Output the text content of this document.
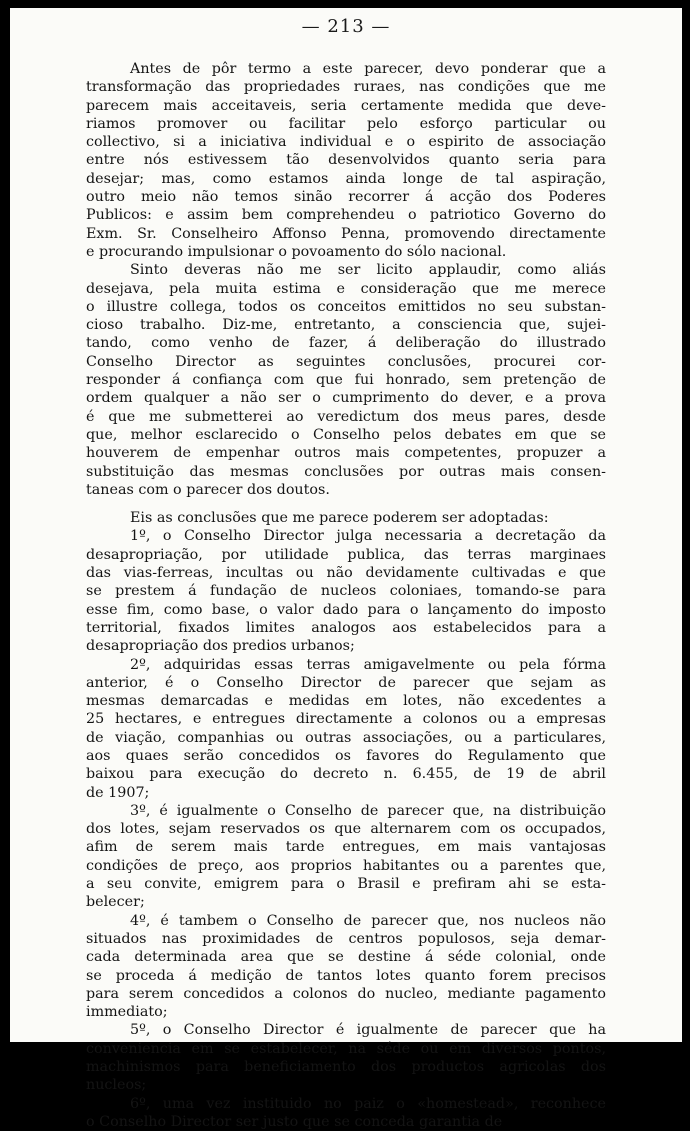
— 213 —

Antes de pôr termo a este parecer, devo ponderar que a
transformação das propriedades ruraes, nas condições que me
parecem mais acceitaveis, seria certamente medida que deve-
riamos promover ou facilitar pelo esforço particular ou
collectivo, si a iniciativa individual e o espirito de associação
entre nós estivessem tão desenvolvidos quanto seria para
desejar; mas, como estamos ainda longe de tal aspiração,
outro meio não temos sinão recorrer á acção dos Poderes
Publicos: e assim bem comprehendeu o patriotico Governo do
Exm. Sr. Conselheiro Affonso Penna, promovendo directamente
e procurando impulsionar o povoamento do sólo nacional.

Sinto deveras não me ser licito applaudir, como aliás
desejava, pela muita estima e consideração que me merece
o illustre collega, todos os conceitos emittidos no seu substan-
cioso trabalho. Diz-me, entretanto, a consciencia que, sujei-
tando, como venho de fazer, á deliberação do illustrado
Conselho Director as seguintes conclusões, procurei cor-
responder á confiança com que fui honrado, sem pretenção de
ordem qualquer a não ser o cumprimento do dever, e a prova
é que me submetterei ao veredictum dos meus pares, desde
que, melhor esclarecido o Conselho pelos debates em que se
houverem de empenhar outros mais competentes, propuzer a
substituição das mesmas conclusões por outras mais consen-
taneas com o parecer dos doutos.

Eis as conclusões que me parece poderem ser adoptadas:

1º, o Conselho Director julga necessaria a decretação da
desapropriação, por utilidade publica, das terras marginaes
das vias-ferreas, incultas ou não devidamente cultivadas e que
se prestem á fundação de nucleos coloniaes, tomando-se para
esse fim, como base, o valor dado para o lançamento do imposto
territorial, fixados limites analogos aos estabelecidos para a
desapropriação dos predios urbanos;

2º, adquiridas essas terras amigavelmente ou pela fórma
anterior, é o Conselho Director de parecer que sejam as
mesmas demarcadas e medidas em lotes, não excedentes a
25 hectares, e entregues directamente a colonos ou a empresas
de viação, companhias ou outras associações, ou a particulares,
aos quaes serão concedidos os favores do Regulamento que
baixou para execução do decreto n. 6.455, de 19 de abril
de 1907;

3º, é igualmente o Conselho de parecer que, na distribuição
dos lotes, sejam reservados os que alternarem com os occupados,
afim de serem mais tarde entregues, em mais vantajosas
condições de preço, aos proprios habitantes ou a parentes que,
a seu convite, emigrem para o Brasil e prefiram ahi se esta-
belecer;

4º, é tambem o Conselho de parecer que, nos nucleos não
situados nas proximidades de centros populosos, seja demar-
cada determinada area que se destine á séde colonial, onde
se proceda á medição de tantos lotes quanto forem precisos
para serem concedidos a colonos do nucleo, mediante pagamento
immediato;

5º, o Conselho Director é igualmente de parecer que ha
conveniencia em se estabelecer, na séde ou em diversos pontos,
machinismos para beneficiamento dos productos agricolas dos
nucleos;

6º, uma vez instituido no paiz o «homestead», reconhece
o Conselho Director ser justo que se conceda garantia de
